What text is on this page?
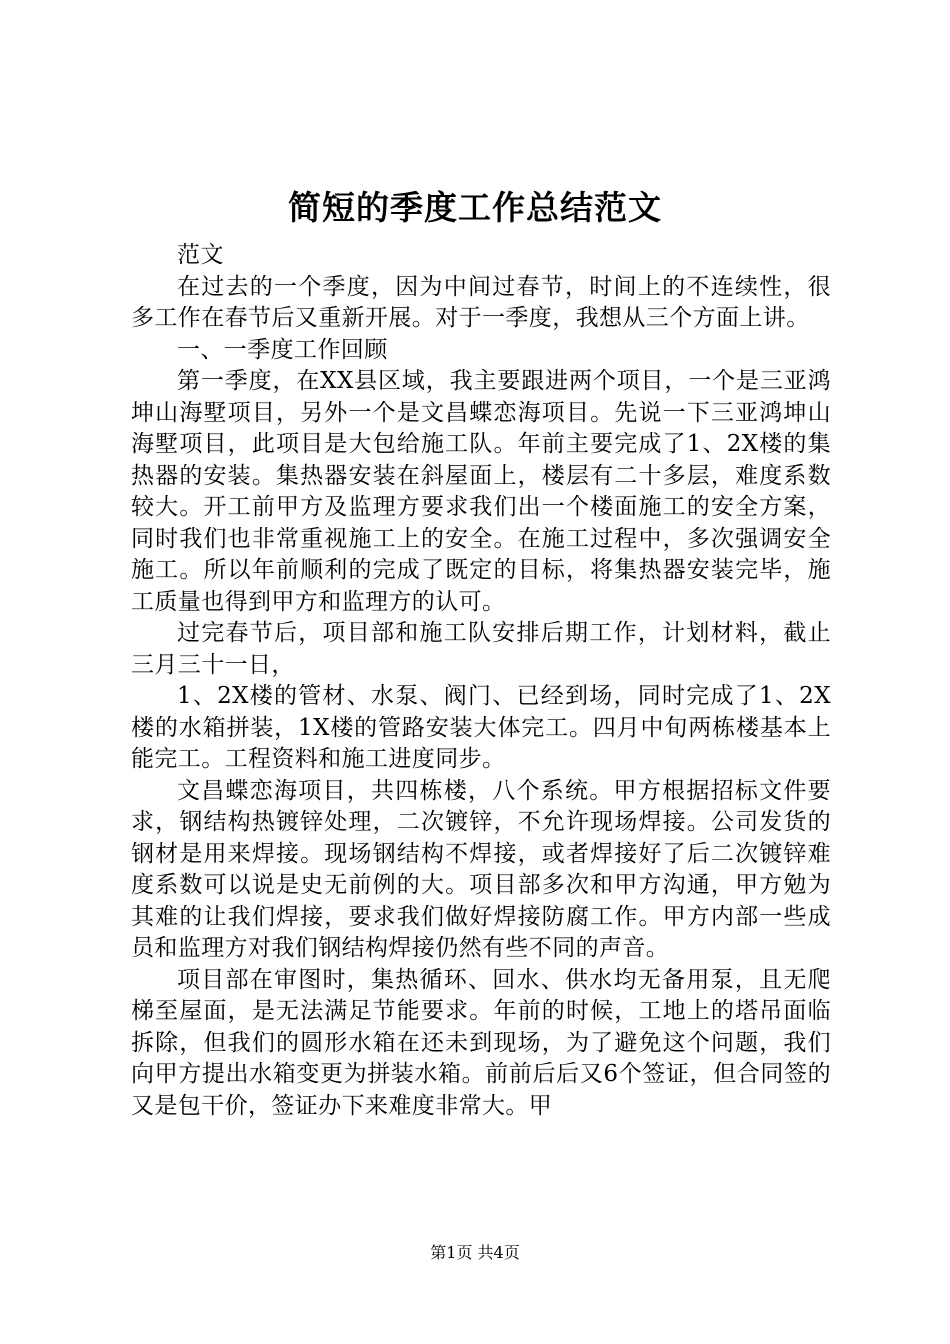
简短的季度工作总结范文

范文

在过去的一个季度，因为中间过春节，时间上的不连续性，很多工作在春节后又重新开展。对于一季度，我想从三个方面上讲。

一、一季度工作回顾

第一季度，在XX县区域，我主要跟进两个项目，一个是三亚鸿坤山海墅项目，另外一个是文昌蝶恋海项目。先说一下三亚鸿坤山海墅项目，此项目是大包给施工队。年前主要完成了1、2X楼的集热器的安装。集热器安装在斜屋面上，楼层有二十多层，难度系数较大。开工前甲方及监理方要求我们出一个楼面施工的安全方案，同时我们也非常重视施工上的安全。在施工过程中，多次强调安全施工。所以年前顺利的完成了既定的目标，将集热器安装完毕，施工质量也得到甲方和监理方的认可。

过完春节后，项目部和施工队安排后期工作，计划材料，截止三月三十一日，

1、2X楼的管材、水泵、阀门、已经到场，同时完成了1、2X楼的水箱拼装，1X楼的管路安装大体完工。四月中旬两栋楼基本上能完工。工程资料和施工进度同步。

文昌蝶恋海项目，共四栋楼，八个系统。甲方根据招标文件要求，钢结构热镀锌处理，二次镀锌，不允许现场焊接。公司发货的钢材是用来焊接。现场钢结构不焊接，或者焊接好了后二次镀锌难度系数可以说是史无前例的大。项目部多次和甲方沟通，甲方勉为其难的让我们焊接，要求我们做好焊接防腐工作。甲方内部一些成员和监理方对我们钢结构焊接仍然有些不同的声音。

项目部在审图时，集热循环、回水、供水均无备用泵，且无爬梯至屋面，是无法满足节能要求。年前的时候，工地上的塔吊面临拆除，但我们的圆形水箱在还未到现场，为了避免这个问题，我们向甲方提出水箱变更为拼装水箱。前前后后又6个签证，但合同签的又是包干价，签证办下来难度非常大。甲

第1页 共4页
